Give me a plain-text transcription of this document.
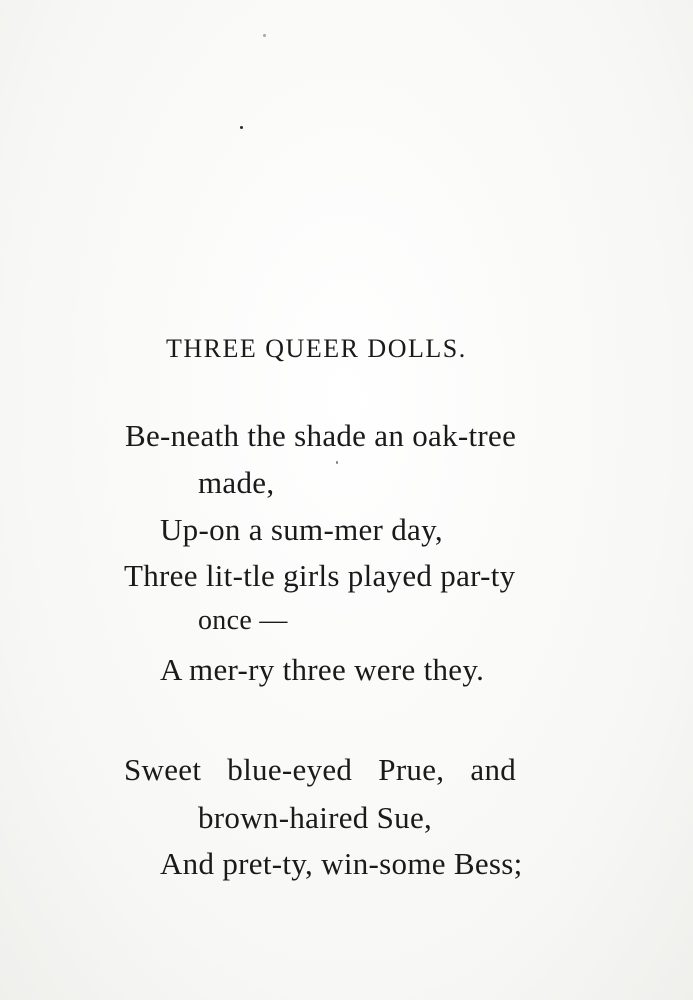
THREE QUEER DOLLS.
Be-neath the shade an oak-tree
made,
Up-on a sum-mer day,
Three lit-tle girls played par-ty
once —
A mer-ry three were they.
Sweet blue-eyed Prue, and
brown-haired Sue,
And pret-ty, win-some Bess;
